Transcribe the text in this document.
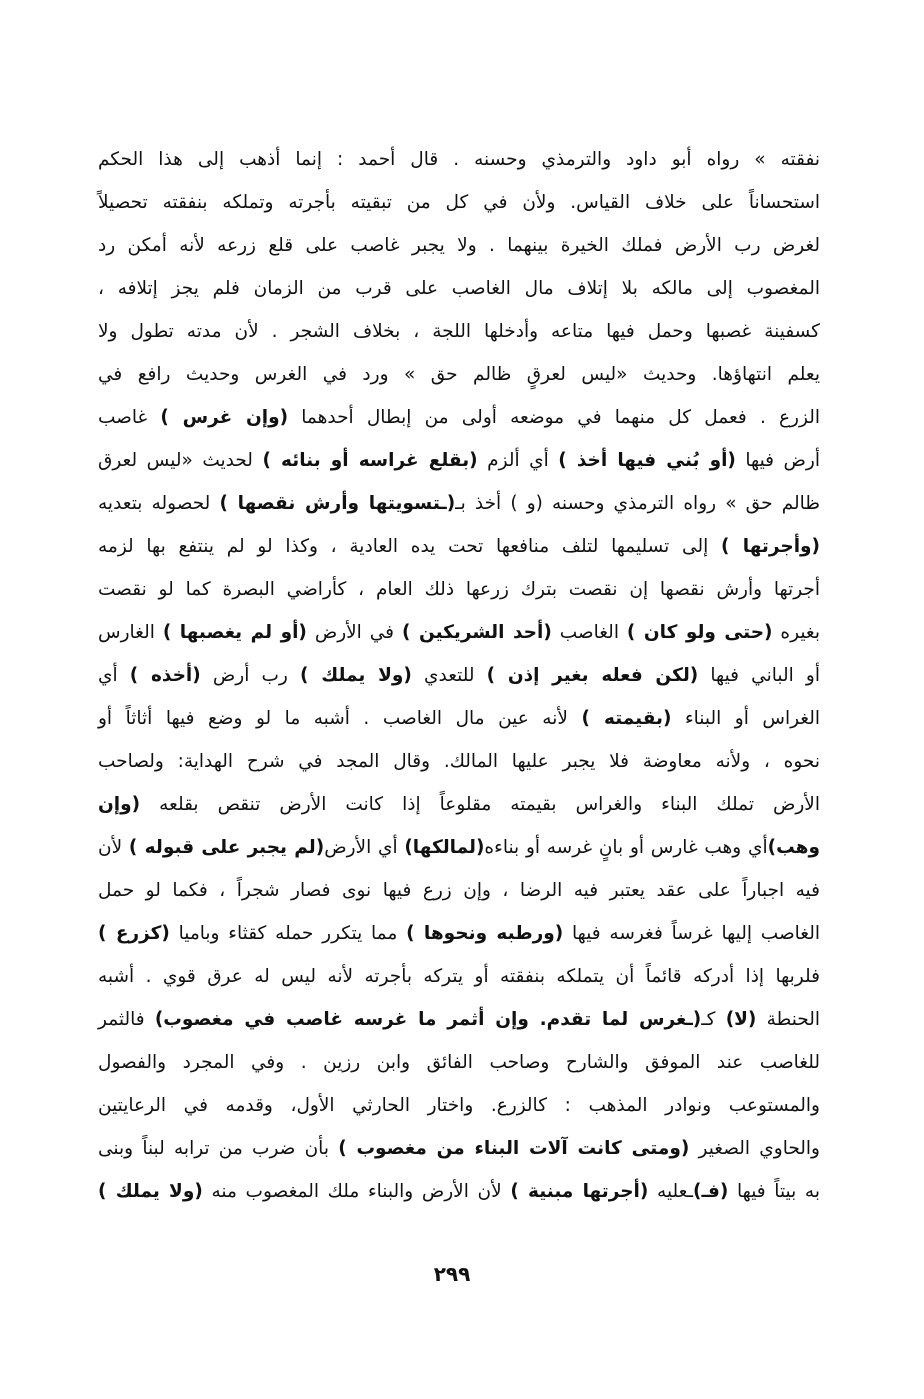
نفقته » رواه أبو داود والترمذي وحسنه . قال أحمد : إنما أذهب إلى هذا الحكم
استحساناً على خلاف القياس. ولأن في كل من تبقيته بأجرته وتملكه بنفقته تحصيلاً
لغرض رب الأرض فملك الخيرة بينهما . ولا يجبر غاصب على قلع زرعه لأنه أمكن رد
المغصوب إلى مالكه بلا إتلاف مال الغاصب على قرب من الزمان فلم يجز إتلافه ،
كسفينة غصبها وحمل فيها متاعه وأدخلها اللجة ، بخلاف الشجر . لأن مدته تطول ولا
يعلم انتهاؤها. وحديث «ليس لعرقٍ ظالم حق » ورد في الغرس وحديث رافع في
الزرع . فعمل كل منهما في موضعه أولى من إبطال أحدهما (وإن غرس ) غاصب
أرض فيها (أو بُني فيها أخذ ) أي ألزم (بقلع غراسه أو بنائه ) لحديث «ليس لعرق
ظالم حق » رواه الترمذي وحسنه (و ) أخذ بـ(ـتسويتها وأرش نقصها ) لحصوله بتعديه
(وأجرتها ) إلى تسليمها لتلف منافعها تحت يده العادية ، وكذا لو لم ينتفع بها لزمه
أجرتها وأرش نقصها إن نقصت بترك زرعها ذلك العام ، كأراضي البصرة كما لو نقصت
بغيره (حتى ولو كان ) الغاصب (أحد الشريكين ) في الأرض (أو لم يغصبها ) الغارس
أو الباني فيها (لكن فعله بغير إذن ) للتعدي (ولا يملك ) رب أرض (أخذه ) أي
الغراس أو البناء (بقيمته ) لأنه عين مال الغاصب . أشبه ما لو وضع فيها أثاثاً أو
نحوه ، ولأنه معاوضة فلا يجبر عليها المالك. وقال المجد في شرح الهداية: ولصاحب
الأرض تملك البناء والغراس بقيمته مقلوعاً إذا كانت الأرض تنقص بقلعه (وإن
وهب)أي وهب غارس أو بانٍ غرسه أو بناءه(لمالكها) أي الأرض(لم يجبر على قبوله ) لأن
فيه اجباراً على عقد يعتبر فيه الرضا ، وإن زرع فيها نوى فصار شجراً ، فكما لو حمل
الغاصب إليها غرساً فغرسه فيها (ورطبه ونحوها ) مما يتكرر حمله كقثاء وباميا (كزرع )
فلربها إذا أدركه قائماً أن يتملكه بنفقته أو يتركه بأجرته لأنه ليس له عرق قوي . أشبه
الحنطة (لا) كـ(ـغرس لما تقدم. وإن أثمر ما غرسه غاصب في مغصوب) فالثمر
للغاصب عند الموفق والشارح وصاحب الفائق وابن رزين . وفي المجرد والفصول
والمستوعب ونوادر المذهب : كالزرع. واختار الحارثي الأول، وقدمه في الرعايتين
والحاوي الصغير (ومتى كانت آلات البناء من مغصوب ) بأن ضرب من ترابه لبناً وبنى
به بيتاً فيها (فـ)ـعليه (أجرتها مبنية ) لأن الأرض والبناء ملك المغصوب منه (ولا يملك )
٢٩٩
